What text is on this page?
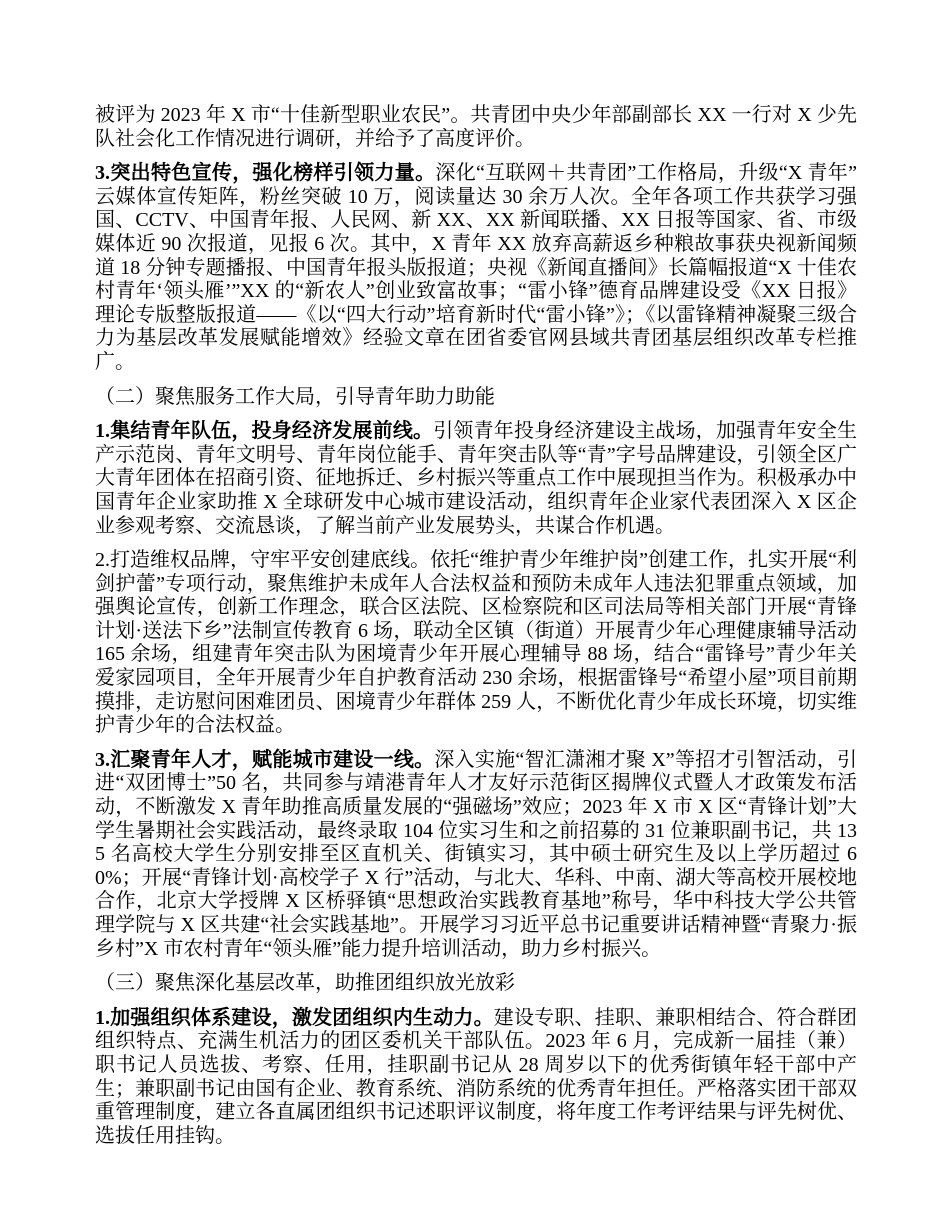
被评为 2023 年 X 市“十佳新型职业农民”。共青团中央少年部副部长 XX 一行对 X 少先队社会化工作情况进行调研，并给予了高度评价。

3.突出特色宣传，强化榜样引领力量。深化“互联网＋共青团”工作格局，升级“X 青年”云媒体宣传矩阵，粉丝突破 10 万，阅读量达 30 余万人次。全年各项工作共获学习强国、CCTV、中国青年报、人民网、新 XX、XX 新闻联播、XX 日报等国家、省、市级媒体近 90 次报道，见报 6 次。其中，X 青年 XX 放弃高薪返乡种粮故事获央视新闻频道 18 分钟专题播报、中国青年报头版报道；央视《新闻直播间》长篇幅报道“X 十佳农村青年‘领头雁’”XX 的“新农人”创业致富故事；“雷小锋”德育品牌建设受《XX 日报》理论专版整版报道——《以“四大行动”培育新时代“雷小锋”》；《以雷锋精神凝聚三级合力为基层改革发展赋能增效》经验文章在团省委官网县域共青团基层组织改革专栏推广。

（二）聚焦服务工作大局，引导青年助力助能

1.集结青年队伍，投身经济发展前线。引领青年投身经济建设主战场，加强青年安全生产示范岗、青年文明号、青年岗位能手、青年突击队等“青”字号品牌建设，引领全区广大青年团体在招商引资、征地拆迁、乡村振兴等重点工作中展现担当作为。积极承办中国青年企业家助推 X 全球研发中心城市建设活动，组织青年企业家代表团深入 X 区企业参观考察、交流恳谈，了解当前产业发展势头，共谋合作机遇。

2.打造维权品牌，守牢平安创建底线。依托“维护青少年维护岗”创建工作，扎实开展“利剑护蕾”专项行动，聚焦维护未成年人合法权益和预防未成年人违法犯罪重点领域，加强舆论宣传，创新工作理念，联合区法院、区检察院和区司法局等相关部门开展“青锋计划·送法下乡”法制宣传教育 6 场，联动全区镇（街道）开展青少年心理健康辅导活动 165 余场，组建青年突击队为困境青少年开展心理辅导 88 场，结合“雷锋号”青少年关爱家园项目，全年开展青少年自护教育活动 230 余场，根据雷锋号“希望小屋”项目前期摸排，走访慰问困难团员、困境青少年群体 259 人，不断优化青少年成长环境，切实维护青少年的合法权益。

3.汇聚青年人才，赋能城市建设一线。深入实施“智汇潇湘才聚 X”等招才引智活动，引进“双团博士”50 名，共同参与靖港青年人才友好示范街区揭牌仪式暨人才政策发布活动，不断激发 X 青年助推高质量发展的“强磁场”效应；2023 年 X 市 X 区“青锋计划”大学生暑期社会实践活动，最终录取 104 位实习生和之前招募的 31 位兼职副书记，共 135 名高校大学生分别安排至区直机关、街镇实习，其中硕士研究生及以上学历超过 60%；开展“青锋计划·高校学子 X 行”活动，与北大、华科、中南、湖大等高校开展校地合作，北京大学授牌 X 区桥驿镇“思想政治实践教育基地”称号，华中科技大学公共管理学院与 X 区共建“社会实践基地”。开展学习习近平总书记重要讲话精神暨“青聚力·振乡村”X 市农村青年“领头雁”能力提升培训活动，助力乡村振兴。

（三）聚焦深化基层改革，助推团组织放光放彩

1.加强组织体系建设，激发团组织内生动力。建设专职、挂职、兼职相结合、符合群团组织特点、充满生机活力的团区委机关干部队伍。2023 年 6 月，完成新一届挂（兼）职书记人员选拔、考察、任用，挂职副书记从 28 周岁以下的优秀街镇年轻干部中产生；兼职副书记由国有企业、教育系统、消防系统的优秀青年担任。严格落实团干部双重管理制度，建立各直属团组织书记述职评议制度，将年度工作考评结果与评先树优、选拔任用挂钩。
